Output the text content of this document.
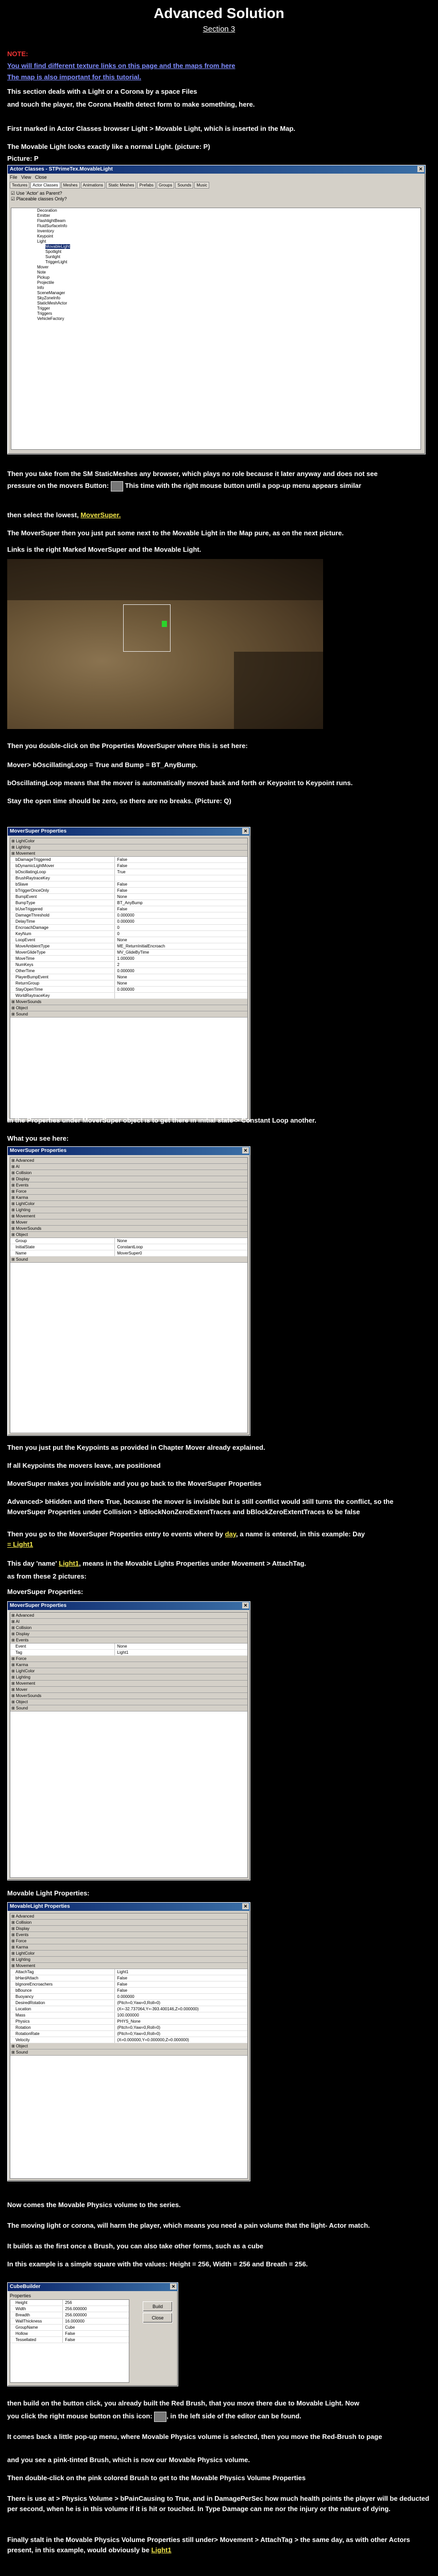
Advanced Solution
Section 3

NOTE:

You will find different texture links on this page and the maps from here

The map is also important for this tutorial.

This section deals with a Light or a Corona by a space Files

and touch the player, the Corona Health detect form to make something, here.

First marked in Actor Classes browser Light > Movable Light, which is inserted in the Map.

The Movable Light looks exactly like a normal Light. (picture: P)

Picture: P

Actor Classes - STPrimeTex.MovableLight	✕
File View Close
Textures	Actor Classes	Meshes	Animations	Static Meshes	Prefabs	Groups	Sounds	Music
☑ Use 'Actor' as Parent?
☑ Placeable classes Only?
Decoration
Emitter
FlashlightBeam
FluidSurfaceInfo
Inventory
Keypoint
Light
MovableLight
Spotlight
Sunlight
TriggerLight
Mover
Note
Pickup
Projectile
Info
SceneManager
SkyZoneInfo
StaticMeshActor
Trigger
Triggers
VehicleFactory

Then you take from the SM StaticMeshes any browser, which plays no role because it later anyway and does not see

pressure on the movers Button: This time with the right mouse button until a pop-up menu appears similar

then select the lowest, MoverSuper.

The MoverSuper then you just put some next to the Movable Light in the Map pure, as on the next picture.

Links is the right Marked MoverSuper and the Movable Light.

Then you double-click on the Properties MoverSuper where this is set here:

Mover> bOscillatingLoop = True and Bump = BT_AnyBump.

bOscillatingLoop means that the mover is automatically moved back and forth or Keypoint to Keypoint runs.

Stay the open time should be zero, so there are no breaks. (Picture: Q)

MoverSuper Properties	✕
⊞ LightColor
⊞ Lighting
⊞ Movement
bDamageTriggered	False
bDynamicLightMover	False
bOscillatingLoop	True
BrushRaytraceKey
bSlave	False
bTriggerOnceOnly	False
BumpEvent	None
BumpType	BT_AnyBump
bUseTriggered	False
DamageThreshold	0.000000
DelayTime	0.000000
EncroachDamage	0
KeyNum	0
LoopEvent	None
MoveAmbientType	ME_ReturnInitialEncroach
MoverGlideType	MV_GlideByTime
MoveTime	1.000000
NumKeys	2
OtherTime	0.000000
PlayerBumpEvent	None
ReturnGroup	None
StayOpenTime	0.000000
WorldRaytraceKey
⊞ MoverSounds
⊞ Object
⊞ Sound

In the Properties under MoverSuper object is to get there in initial state-> Constant Loop another.

What you see here:

MoverSuper Properties	✕
⊞ Advanced
⊞ AI
⊞ Collision
⊞ Display
⊞ Events
⊞ Force
⊞ Karma
⊞ LightColor
⊞ Lighting
⊞ Movement
⊞ Mover
⊞ MoverSounds
⊞ Object
Group	None
InitialState	ConstantLoop
Name	MoverSuper0
⊞ Sound

Then you just put the Keypoints as provided in Chapter Mover already explained.

If all Keypoints the movers leave, are positioned

MoverSuper makes you invisible and you go back to the MoverSuper Properties

Advanced> bHidden and there True, because the mover is invisible but is still conflict would still turns the conflict, so the MoverSuper Properties under Collision > bBlockNonZeroExtentTraces and bBlockZeroExtentTraces to be false

Then you go to the MoverSuper Properties entry to events where by day, a name is entered, in this example: Day
= Light1

This day 'name' Light1, means in the Movable Lights Properties under Movement > AttachTag.

as from these 2 pictures:

MoverSuper Properties:

MoverSuper Properties	✕
⊞ Advanced
⊞ AI
⊞ Collision
⊞ Display
⊞ Events
Event	None
Tag	Light1
⊞ Force
⊞ Karma
⊞ LightColor
⊞ Lighting
⊞ Movement
⊞ Mover
⊞ MoverSounds
⊞ Object
⊞ Sound

Movable Light Properties:

MovableLight Properties	✕
⊞ Advanced
⊞ Collision
⊞ Display
⊞ Events
⊞ Force
⊞ Karma
⊞ LightColor
⊞ Lighting
⊞ Movement
AttachTag	Light1
bHardAttach	False
bIgnoreEncroachers	False
bBounce	False
Buoyancy	0.000000
DesiredRotation	(Pitch=0,Yaw=0,Roll=0)
Location	(X=-32.737064,Y=-393.400146,Z=0.000000)
Mass	100.000000
Physics	PHYS_None
Rotation	(Pitch=0,Yaw=0,Roll=0)
RotationRate	(Pitch=0,Yaw=0,Roll=0)
Velocity	(X=0.000000,Y=0.000000,Z=0.000000)
⊞ Object
⊞ Sound

Now comes the Movable Physics volume to the series.

The moving light or corona, will harm the player, which means you need a pain volume that the light- Actor match.

It builds as the first once a Brush, you can also take other forms, such as a cube

In this example is a simple square with the values: Height = 256, Width = 256 and Breath = 256.

CubeBuilder	✕
Properties
Height	256
Width	256.000000
Breadth	256.000000
WallThickness	16.000000
GroupName	Cube
Hollow	False
Tessellated	False
Build
Close

then build on the button click, you already built the Red Brush, that you move there due to Movable Light. Now

you click the right mouse button on this icon: , in the left side of the editor can be found.

It comes back a little pop-up menu, where Movable Physics volume is selected, then you move the Red-Brush to page

and you see a pink-tinted Brush, which is now our Movable Physics volume.

Then double-click on the pink colored Brush to get to the Movable Physics Volume Properties

There is use at > Physics Volume > bPainCausing to True, and in DamagePerSec how much health points the player will be deducted per second, when he is in this volume if it is hit or touched. In Type Damage can me nor the injury or the nature of dying.

Finally stalt in the Movable Physics Volume Properties still under> Movement > AttachTag > the same day, as with other Actors present, in this example, would obviously be Light1
